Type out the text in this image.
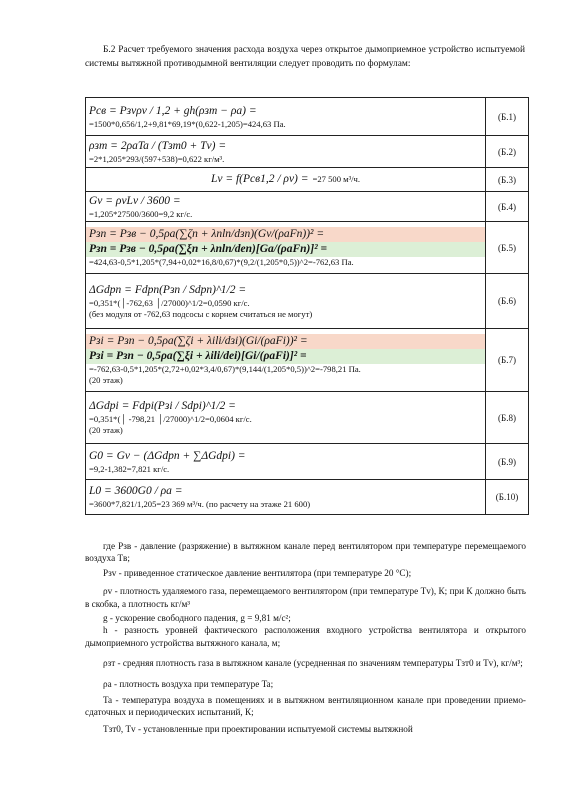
Б.2 Расчет требуемого значения расхода воздуха через открытое дымоприемное устройство испытуемой системы вытяжной противодымной вентиляции следует проводить по формулам:
Pсв = Pзvρv / 1,2 + gh(ρзт − ρa) =
=1500*0,656/1,2+9,81*69,19*(0,622-1,205)=424,63 Па.	(Б.1)

ρзт = 2ρaTa / (Tзт0 + Tv) =
=2*1,205*293/(597+538)=0,622 кг/м³.	(Б.2)

Lv = f(Pсв1,2 / ρv) = =27 500 м³/ч.	(Б.3)

Gv = ρvLv / 3600 =
=1,205*27500/3600=9,2 кг/с.	(Б.4)

Pзn = Pзв − 0,5ρa(∑ζn + λnln/dзn)(Gv/(ρaFn))² =
Pзn = Pзв − 0,5ρa(∑ξn + λnln/den)[Ga/(ρaFn)]² =
=424,63-0,5*1,205*(7,94+0,02*16,8/0,67)*(9,2/(1,205*0,5))^2=-762,63 Па.	(Б.5)

ΔGdpn = Fdpn(Pзn / Sdpn)^1/2 =
=0,351*(│-762,63 │/27000)^1/2=0,0590 кг/с.
(без модуля от -762,63 подсосы с корнем считаться не могут)	(Б.6)

Pзi = Pзn − 0,5ρa(∑ζi + λili/dзi)(Gi/(ρaFi))² =
Pзi = Pзn − 0,5ρa(∑ξi + λili/dei)[Gi/(ρaFi)]² =
=-762,63-0,5*1,205*(2,72+0,02*3,4/0,67)*(9,144/(1,205*0,5))^2=-798,21 Па.
(20 этаж)	(Б.7)

ΔGdpi = Fdpi(Pзi / Sdpi)^1/2 =
=0,351*(│ -798,21 │/27000)^1/2=0,0604 кг/с.
(20 этаж)	(Б.8)

G0 = Gv − (ΔGdpn + ∑ΔGdpi) =
=9,2-1,382=7,821 кг/с.	(Б.9)

L0 = 3600G0 / ρa =
=3600*7,821/1,205=23 369 м³/ч. (по расчету на этаже 21 600)	(Б.10)

где Pзв - давление (разряжение) в вытяжном канале перед вентилятором при температуре перемещаемого воздуха Tв;

Pзv - приведенное статическое давление вентилятора (при температуре 20 °C);

ρv - плотность удаляемого газа, перемещаемого вентилятором (при температуре Tv), К; при К должно быть в скобка, а плотность кг/м³

g - ускорение свободного падения, g = 9,81 м/с²;

h - разность уровней фактического расположения входного устройства вентилятора и открытого дымоприемного устройства вытяжного канала, м;

ρзт - средняя плотность газа в вытяжном канале (усредненная по значениям температуры Tзт0 и Tv), кг/м³;

ρa - плотность воздуха при температуре Ta;

Ta - температура воздуха в помещениях и в вытяжном вентиляционном канале при проведении приемо-сдаточных и периодических испытаний, К;

Tзт0, Tv - установленные при проектировании испытуемой системы вытяжной
